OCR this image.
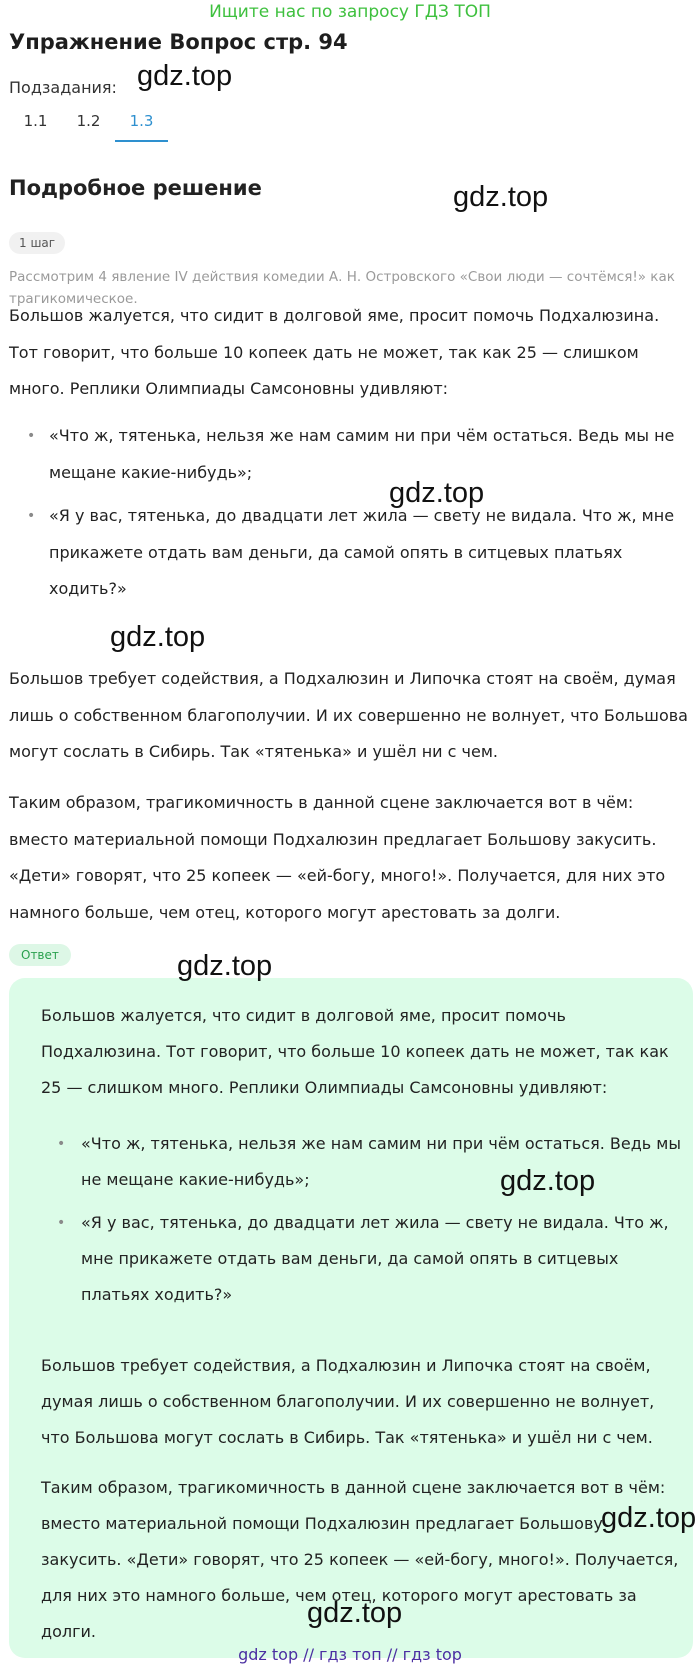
Ищите нас по запросу ГДЗ ТОП
Упражнение Вопрос стр. 94
Подзадания:
1.1	1.2	1.3
Подробное решение
1 шаг
Рассмотрим 4 явление IV действия комедии А. Н. Островского «Свои люди — сочтёмся!» как трагикомическое.

Большов жалуется, что сидит в долговой яме, просит помочь Подхалюзина. Тот говорит, что больше 10 копеек дать не может, так как 25 — слишком много. Реплики Олимпиады Самсоновны удивляют:

• «Что ж, тятенька, нельзя же нам самим ни при чём остаться. Ведь мы не мещане какие-нибудь»;
• «Я у вас, тятенька, до двадцати лет жила — свету не видала. Что ж, мне прикажете отдать вам деньги, да самой опять в ситцевых платьях ходить?»

Большов требует содействия, а Подхалюзин и Липочка стоят на своём, думая лишь о собственном благополучии. И их совершенно не волнует, что Большова могут сослать в Сибирь. Так «тятенька» и ушёл ни с чем.

Таким образом, трагикомичность в данной сцене заключается вот в чём: вместо материальной помощи Подхалюзин предлагает Большову закусить. «Дети» говорят, что 25 копеек — «ей-богу, много!». Получается, для них это намного больше, чем отец, которого могут арестовать за долги.

Ответ

Большов жалуется, что сидит в долговой яме, просит помочь Подхалюзина. Тот говорит, что больше 10 копеек дать не может, так как 25 — слишком много. Реплики Олимпиады Самсоновны удивляют:

• «Что ж, тятенька, нельзя же нам самим ни при чём остаться. Ведь мы не мещане какие-нибудь»;
• «Я у вас, тятенька, до двадцати лет жила — свету не видала. Что ж, мне прикажете отдать вам деньги, да самой опять в ситцевых платьях ходить?»

Большов требует содействия, а Подхалюзин и Липочка стоят на своём, думая лишь о собственном благополучии. И их совершенно не волнует, что Большова могут сослать в Сибирь. Так «тятенька» и ушёл ни с чем.

Таким образом, трагикомичность в данной сцене заключается вот в чём: вместо материальной помощи Подхалюзин предлагает Большову закусить. «Дети» говорят, что 25 копеек — «ей-богу, много!». Получается, для них это намного больше, чем отец, которого могут арестовать за долги.

gdz.top
gdz.top
gdz.top
gdz.top
gdz.top
gdz.top
gdz.top
gdz.top
gdz top // гдз топ // гдз top
